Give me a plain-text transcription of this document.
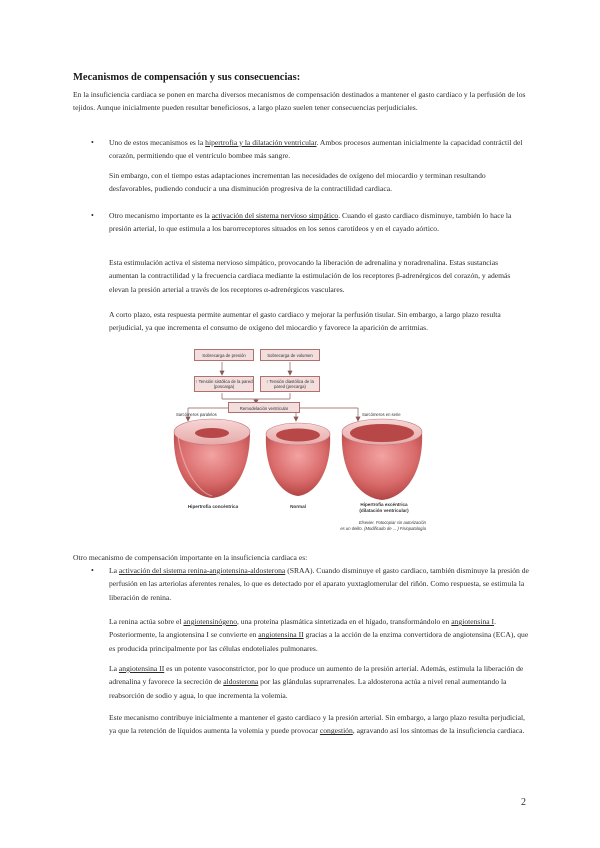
Mecanismos de compensación y sus consecuencias:
En la insuficiencia cardiaca se ponen en marcha diversos mecanismos de compensación destinados a mantener el gasto cardiaco y la perfusión de los tejidos. Aunque inicialmente pueden resultar beneficiosos, a largo plazo suelen tener consecuencias perjudiciales.
• Uno de estos mecanismos es la hipertrofia y la dilatación ventricular. Ambos procesos aumentan inicialmente la capacidad contráctil del corazón, permitiendo que el ventrículo bombee más sangre.
Sin embargo, con el tiempo estas adaptaciones incrementan las necesidades de oxígeno del miocardio y terminan resultando desfavorables, pudiendo conducir a una disminución progresiva de la contractilidad cardiaca.
• Otro mecanismo importante es la activación del sistema nervioso simpático. Cuando el gasto cardiaco disminuye, también lo hace la presión arterial, lo que estimula a los barorreceptores situados en los senos carotídeos y en el cayado aórtico.
Esta estimulación activa el sistema nervioso simpático, provocando la liberación de adrenalina y noradrenalina. Estas sustancias aumentan la contractilidad y la frecuencia cardiaca mediante la estimulación de los receptores β-adrenérgicos del corazón, y además elevan la presión arterial a través de los receptores α-adrenérgicos vasculares.
A corto plazo, esta respuesta permite aumentar el gasto cardiaco y mejorar la perfusión tisular. Sin embargo, a largo plazo resulta perjudicial, ya que incrementa el consumo de oxígeno del miocardio y favorece la aparición de arritmias.
Sobrecarga de presión	Sobrecarga de volumen
↑ Tensión sistólica de la pared (poscarga)
↑ Tensión diastólica de la pared (precarga)
Remodelación ventricular
Sarcómeros paralelos	Sarcómeros en serie
Hipertrofia concéntrica	Normal	Hipertrofia excéntrica (dilatación ventricular)
Elsevier. Fotocopiar sin autorización
es un delito. (Modificado de ... ) Fisiopatología
Otro mecanismo de compensación importante en la insuficiencia cardiaca es:
• La activación del sistema renina-angiotensina-aldosterona (SRAA). Cuando disminuye el gasto cardiaco, también disminuye la presión de perfusión en las arteriolas aferentes renales, lo que es detectado por el aparato yuxtaglomerular del riñón. Como respuesta, se estimula la liberación de renina.
La renina actúa sobre el angiotensinógeno, una proteína plasmática sintetizada en el hígado, transformándolo en angiotensina I. Posteriormente, la angiotensina I se convierte en angiotensina II gracias a la acción de la enzima convertidora de angiotensina (ECA), que es producida principalmente por las células endoteliales pulmonares.
La angiotensina II es un potente vasoconstrictor, por lo que produce un aumento de la presión arterial. Además, estimula la liberación de adrenalina y favorece la secreción de aldosterona por las glándulas suprarrenales. La aldosterona actúa a nivel renal aumentando la reabsorción de sodio y agua, lo que incrementa la volemia.
Este mecanismo contribuye inicialmente a mantener el gasto cardiaco y la presión arterial. Sin embargo, a largo plazo resulta perjudicial, ya que la retención de líquidos aumenta la volemia y puede provocar congestión, agravando así los síntomas de la insuficiencia cardiaca.
2
